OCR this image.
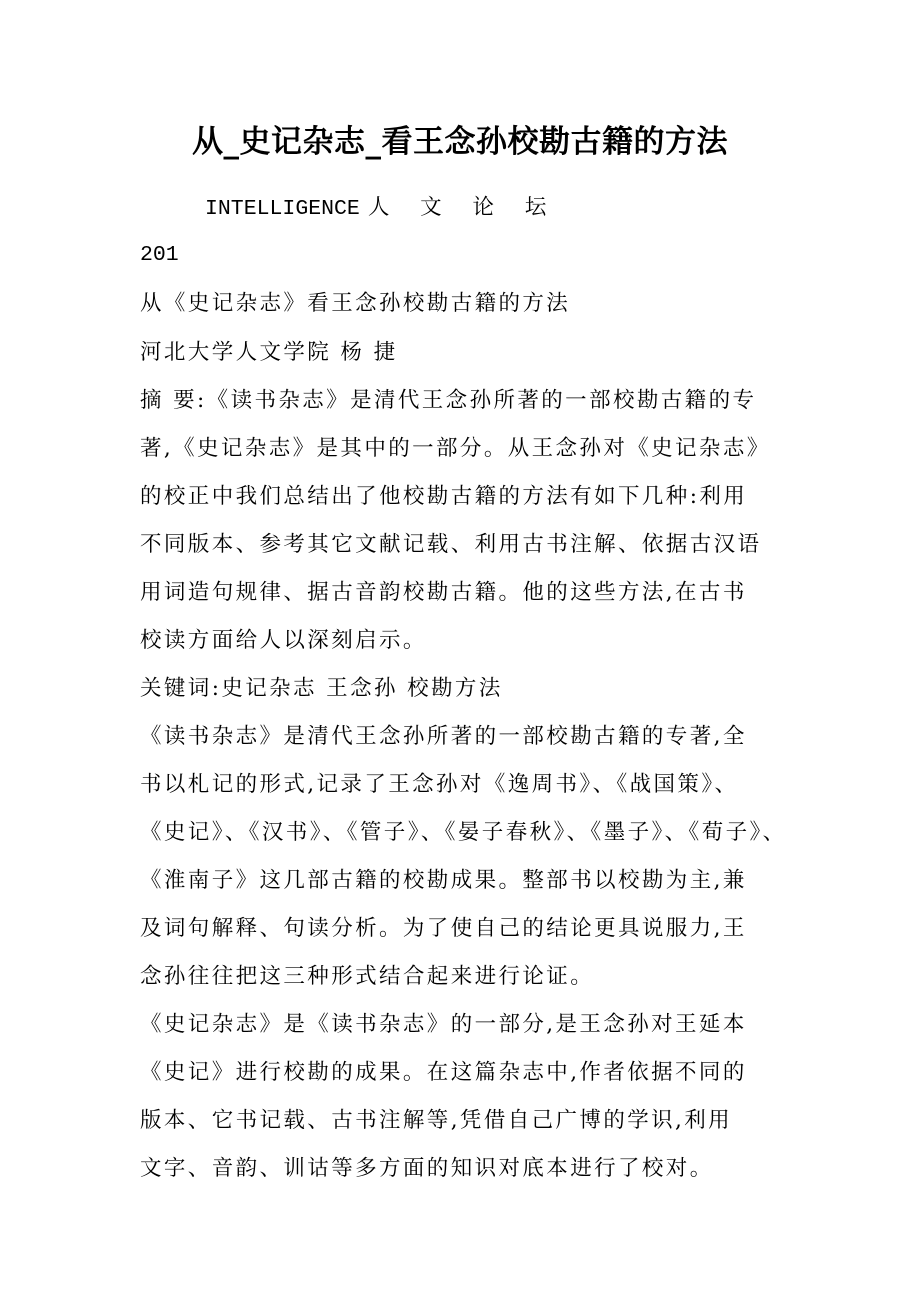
从_史记杂志_看王念孙校勘古籍的方法
INTELLIGENCE 人 文 论 坛
201
从《史记杂志》看王念孙校勘古籍的方法
河北大学人文学院 杨 捷
摘 要:《读书杂志》是清代王念孙所著的一部校勘古籍的专
著,《史记杂志》是其中的一部分。从王念孙对《史记杂志》
的校正中我们总结出了他校勘古籍的方法有如下几种:利用
不同版本、参考其它文献记载、利用古书注解、依据古汉语
用词造句规律、据古音韵校勘古籍。他的这些方法,在古书
校读方面给人以深刻启示。
关键词:史记杂志 王念孙 校勘方法
《读书杂志》是清代王念孙所著的一部校勘古籍的专著,全
书以札记的形式,记录了王念孙对《逸周书》、《战国策》、
《史记》、《汉书》、《管子》、《晏子春秋》、《墨子》、《荀子》、
《淮南子》这几部古籍的校勘成果。整部书以校勘为主,兼
及词句解释、句读分析。为了使自己的结论更具说服力,王
念孙往往把这三种形式结合起来进行论证。
《史记杂志》是《读书杂志》的一部分,是王念孙对王延本
《史记》进行校勘的成果。在这篇杂志中,作者依据不同的
版本、它书记载、古书注解等,凭借自己广博的学识,利用
文字、音韵、训诂等多方面的知识对底本进行了校对。
